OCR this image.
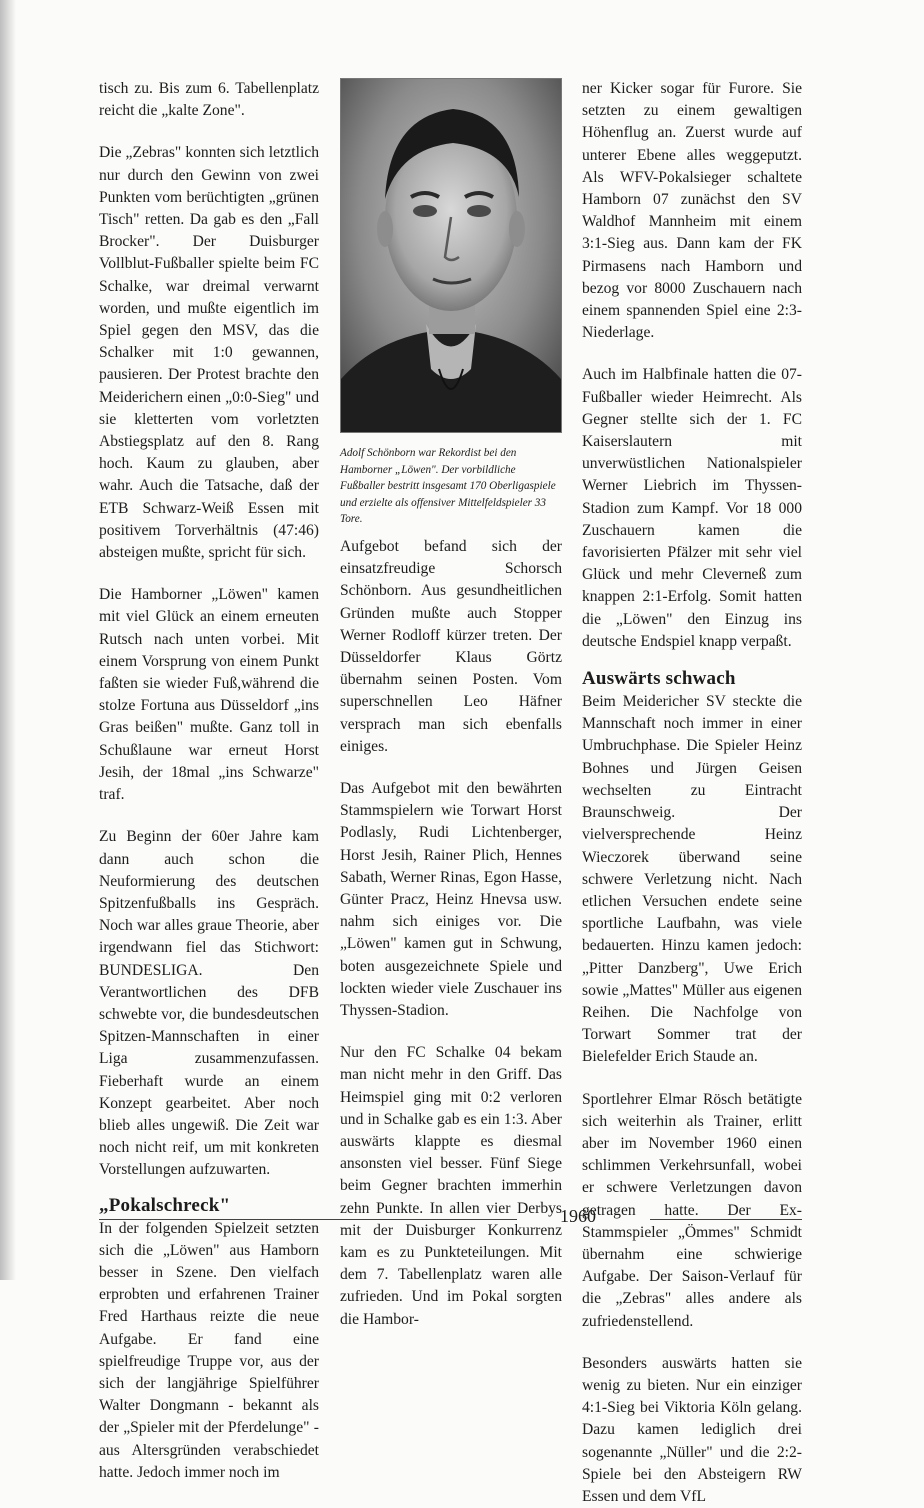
tisch zu. Bis zum 6. Tabellenplatz reicht die „kalte Zone".

Die „Zebras" konnten sich letztlich nur durch den Gewinn von zwei Punkten vom berüchtigten „grünen Tisch" retten. Da gab es den „Fall Brocker". Der Duisburger Vollblut-Fußballer spielte beim FC Schalke, war dreimal verwarnt worden, und mußte eigentlich im Spiel gegen den MSV, das die Schalker mit 1:0 gewannen, pausieren. Der Protest brachte den Meiderichern einen „0:0-Sieg" und sie kletterten vom vorletzten Abstiegsplatz auf den 8. Rang hoch. Kaum zu glauben, aber wahr. Auch die Tatsache, daß der ETB Schwarz-Weiß Essen mit positivem Torverhältnis (47:46) absteigen mußte, spricht für sich.

Die Hamborner „Löwen" kamen mit viel Glück an einem erneuten Rutsch nach unten vorbei. Mit einem Vorsprung von einem Punkt faßten sie wieder Fuß,während die stolze Fortuna aus Düsseldorf „ins Gras beißen" mußte. Ganz toll in Schußlaune war erneut Horst Jesih, der 18mal „ins Schwarze" traf.

Zu Beginn der 60er Jahre kam dann auch schon die Neuformierung des deutschen Spitzenfußballs ins Gespräch. Noch war alles graue Theorie, aber irgendwann fiel das Stichwort: BUNDESLIGA. Den Verantwortlichen des DFB schwebte vor, die bundesdeutschen Spitzen-Mannschaften in einer Liga zusammenzufassen. Fieberhaft wurde an einem Konzept gearbeitet. Aber noch blieb alles ungewiß. Die Zeit war noch nicht reif, um mit konkreten Vorstellungen aufzuwarten.

„Pokalschreck"

In der folgenden Spielzeit setzten sich die „Löwen" aus Hamborn besser in Szene. Den vielfach erprobten und erfahrenen Trainer Fred Harthaus reizte die neue Aufgabe. Er fand eine spielfreudige Truppe vor, aus der sich der langjährige Spielführer Walter Dongmann - bekannt als der „Spieler mit der Pferdelunge" - aus Altersgründen verabschiedet hatte. Jedoch immer noch im

Adolf Schönborn war Rekordist bei den Hamborner „Löwen". Der vorbildliche Fußballer bestritt insgesamt 170 Oberligaspiele und erzielte als offensiver Mittelfeldspieler 33 Tore.

Aufgebot befand sich der einsatzfreudige Schorsch Schönborn. Aus gesundheitlichen Gründen mußte auch Stopper Werner Rodloff kürzer treten. Der Düsseldorfer Klaus Görtz übernahm seinen Posten. Vom superschnellen Leo Häfner versprach man sich ebenfalls einiges.

Das Aufgebot mit den bewährten Stammspielern wie Torwart Horst Podlasly, Rudi Lichtenberger, Horst Jesih, Rainer Plich, Hennes Sabath, Werner Rinas, Egon Hasse, Günter Pracz, Heinz Hnevsa usw. nahm sich einiges vor. Die „Löwen" kamen gut in Schwung, boten ausgezeichnete Spiele und lockten wieder viele Zuschauer ins Thyssen-Stadion.

Nur den FC Schalke 04 bekam man nicht mehr in den Griff. Das Heimspiel ging mit 0:2 verloren und in Schalke gab es ein 1:3. Aber auswärts klappte es diesmal ansonsten viel besser. Fünf Siege beim Gegner brachten immerhin zehn Punkte. In allen vier Derbys mit der Duisburger Konkurrenz kam es zu Punkteteilungen. Mit dem 7. Tabellenplatz waren alle zufrieden. Und im Pokal sorgten die Hambor-

ner Kicker sogar für Furore. Sie setzten zu einem gewaltigen Höhenflug an. Zuerst wurde auf unterer Ebene alles weggeputzt. Als WFV-Pokalsieger schaltete Hamborn 07 zunächst den SV Waldhof Mannheim mit einem 3:1-Sieg aus. Dann kam der FK Pirmasens nach Hamborn und bezog vor 8000 Zuschauern nach einem spannenden Spiel eine 2:3-Niederlage.

Auch im Halbfinale hatten die 07-Fußballer wieder Heimrecht. Als Gegner stellte sich der 1. FC Kaiserslautern mit unverwüstlichen Nationalspieler Werner Liebrich im Thyssen-Stadion zum Kampf. Vor 18 000 Zuschauern kamen die favorisierten Pfälzer mit sehr viel Glück und mehr Cleverneß zum knappen 2:1-Erfolg. Somit hatten die „Löwen" den Einzug ins deutsche Endspiel knapp verpaßt.

Auswärts schwach

Beim Meidericher SV steckte die Mannschaft noch immer in einer Umbruchphase. Die Spieler Heinz Bohnes und Jürgen Geisen wechselten zu Eintracht Braunschweig. Der vielversprechende Heinz Wieczorek überwand seine schwere Verletzung nicht. Nach etlichen Versuchen endete seine sportliche Laufbahn, was viele bedauerten. Hinzu kamen jedoch: „Pitter Danzberg", Uwe Erich sowie „Mattes" Müller aus eigenen Reihen. Die Nachfolge von Torwart Sommer trat der Bielefelder Erich Staude an.

Sportlehrer Elmar Rösch betätigte sich weiterhin als Trainer, erlitt aber im November 1960 einen schlimmen Verkehrsunfall, wobei er schwere Verletzungen davon getragen hatte. Der Ex-Stammspieler „Ömmes" Schmidt übernahm eine schwierige Aufgabe. Der Saison-Verlauf für die „Zebras" alles andere als zufriedenstellend.

Besonders auswärts hatten sie wenig zu bieten. Nur ein einziger 4:1-Sieg bei Viktoria Köln gelang. Dazu kamen lediglich drei sogenannte „Nüller" und die 2:2-Spiele bei den Absteigern RW Essen und dem VfL

1960
